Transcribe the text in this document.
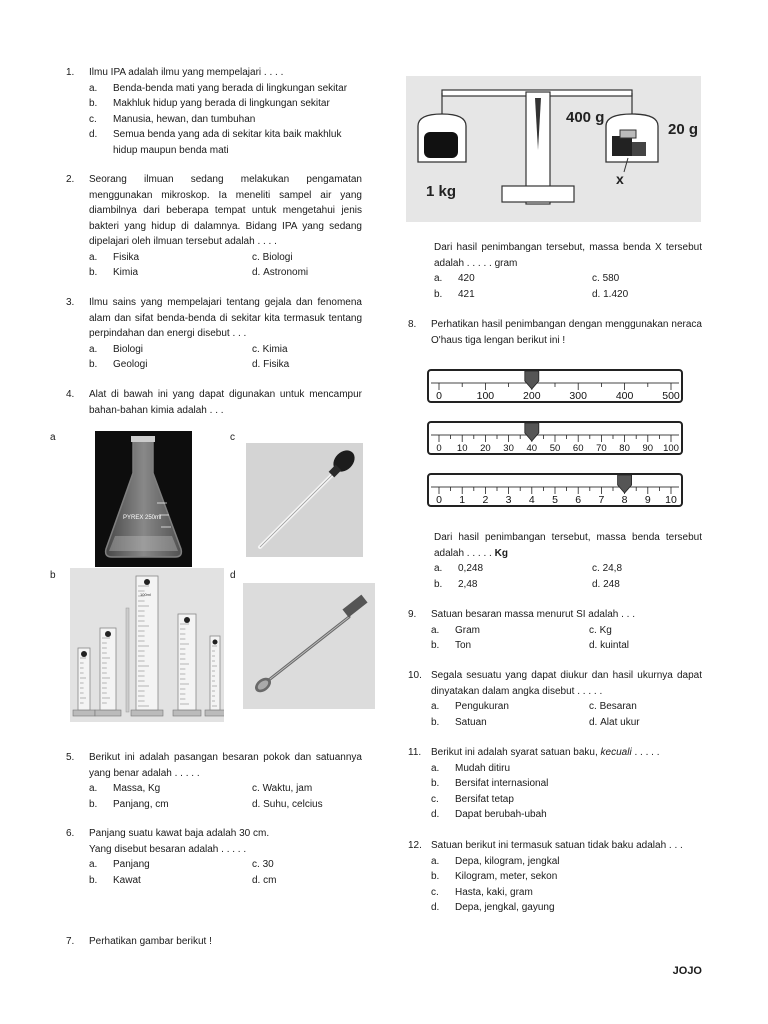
1. Ilmu IPA adalah ilmu yang mempelajari . . . .
a. Benda-benda mati yang berada di lingkungan sekitar
b. Makhluk hidup yang berada di lingkungan sekitar
c. Manusia, hewan, dan tumbuhan
d. Semua benda yang ada di sekitar kita baik makhluk
hidup maupun benda mati
2. Seorang ilmuan sedang melakukan pengamatan menggunakan mikroskop. Ia meneliti sampel air yang diambilnya dari beberapa tempat untuk mengetahui jenis bakteri yang hidup di dalamnya. Bidang IPA yang sedang dipelajari oleh ilmuan tersebut adalah . . . .
a. Fisika	c. Biologi
b. Kimia	d. Astronomi
3. Ilmu sains yang mempelajari tentang gejala dan fenomena alam dan sifat benda-benda di sekitar kita termasuk tentang perpindahan dan energi disebut . . .
a. Biologi	c. Kimia
b. Geologi	d. Fisika
4. Alat di bawah ini yang dapat digunakan untuk mencampur bahan-bahan kimia adalah . . .
a	c
b	d
PYREX 250ml
100ml
5. Berikut ini adalah pasangan besaran pokok dan satuannya yang benar adalah . . . . .
a. Massa, Kg	c. Waktu, jam
b. Panjang, cm	d. Suhu, celcius
6. Panjang suatu kawat baja adalah 30 cm. Yang disebut besaran adalah . . . . .
a. Panjang	c. 30
b. Kawat	d. cm
7. Perhatikan gambar berikut !
1 kg
400 g
20 g
x
Dari hasil penimbangan tersebut, massa benda X tersebut adalah . . . . . gram
a. 420	c. 580
b. 421	d. 1.420
8. Perhatikan hasil penimbangan dengan menggunakan neraca O'haus tiga lengan berikut ini !
0	100	200	300	400	500
0 10 20 30 40 50 60 70 80 90 100
0 1 2 3 4 5 6 7 8 9 10
Dari hasil penimbangan tersebut, massa benda tersebut adalah . . . . . Kg
a. 0,248	c. 24,8
b. 2,48	d. 248
9. Satuan besaran massa menurut SI adalah . . .
a. Gram	c. Kg
b. Ton	d. kuintal
10. Segala sesuatu yang dapat diukur dan hasil ukurnya dapat dinyatakan dalam angka disebut . . . . .
a. Pengukuran	c. Besaran
b. Satuan	d. Alat ukur
11. Berikut ini adalah syarat satuan baku, kecuali . . . . .
a. Mudah ditiru
b. Bersifat internasional
c. Bersifat tetap
d. Dapat berubah-ubah
12. Satuan berikut ini termasuk satuan tidak baku adalah . . .
a. Depa, kilogram, jengkal
b. Kilogram, meter, sekon
c. Hasta, kaki, gram
d. Depa, jengkal, gayung
JOJO
